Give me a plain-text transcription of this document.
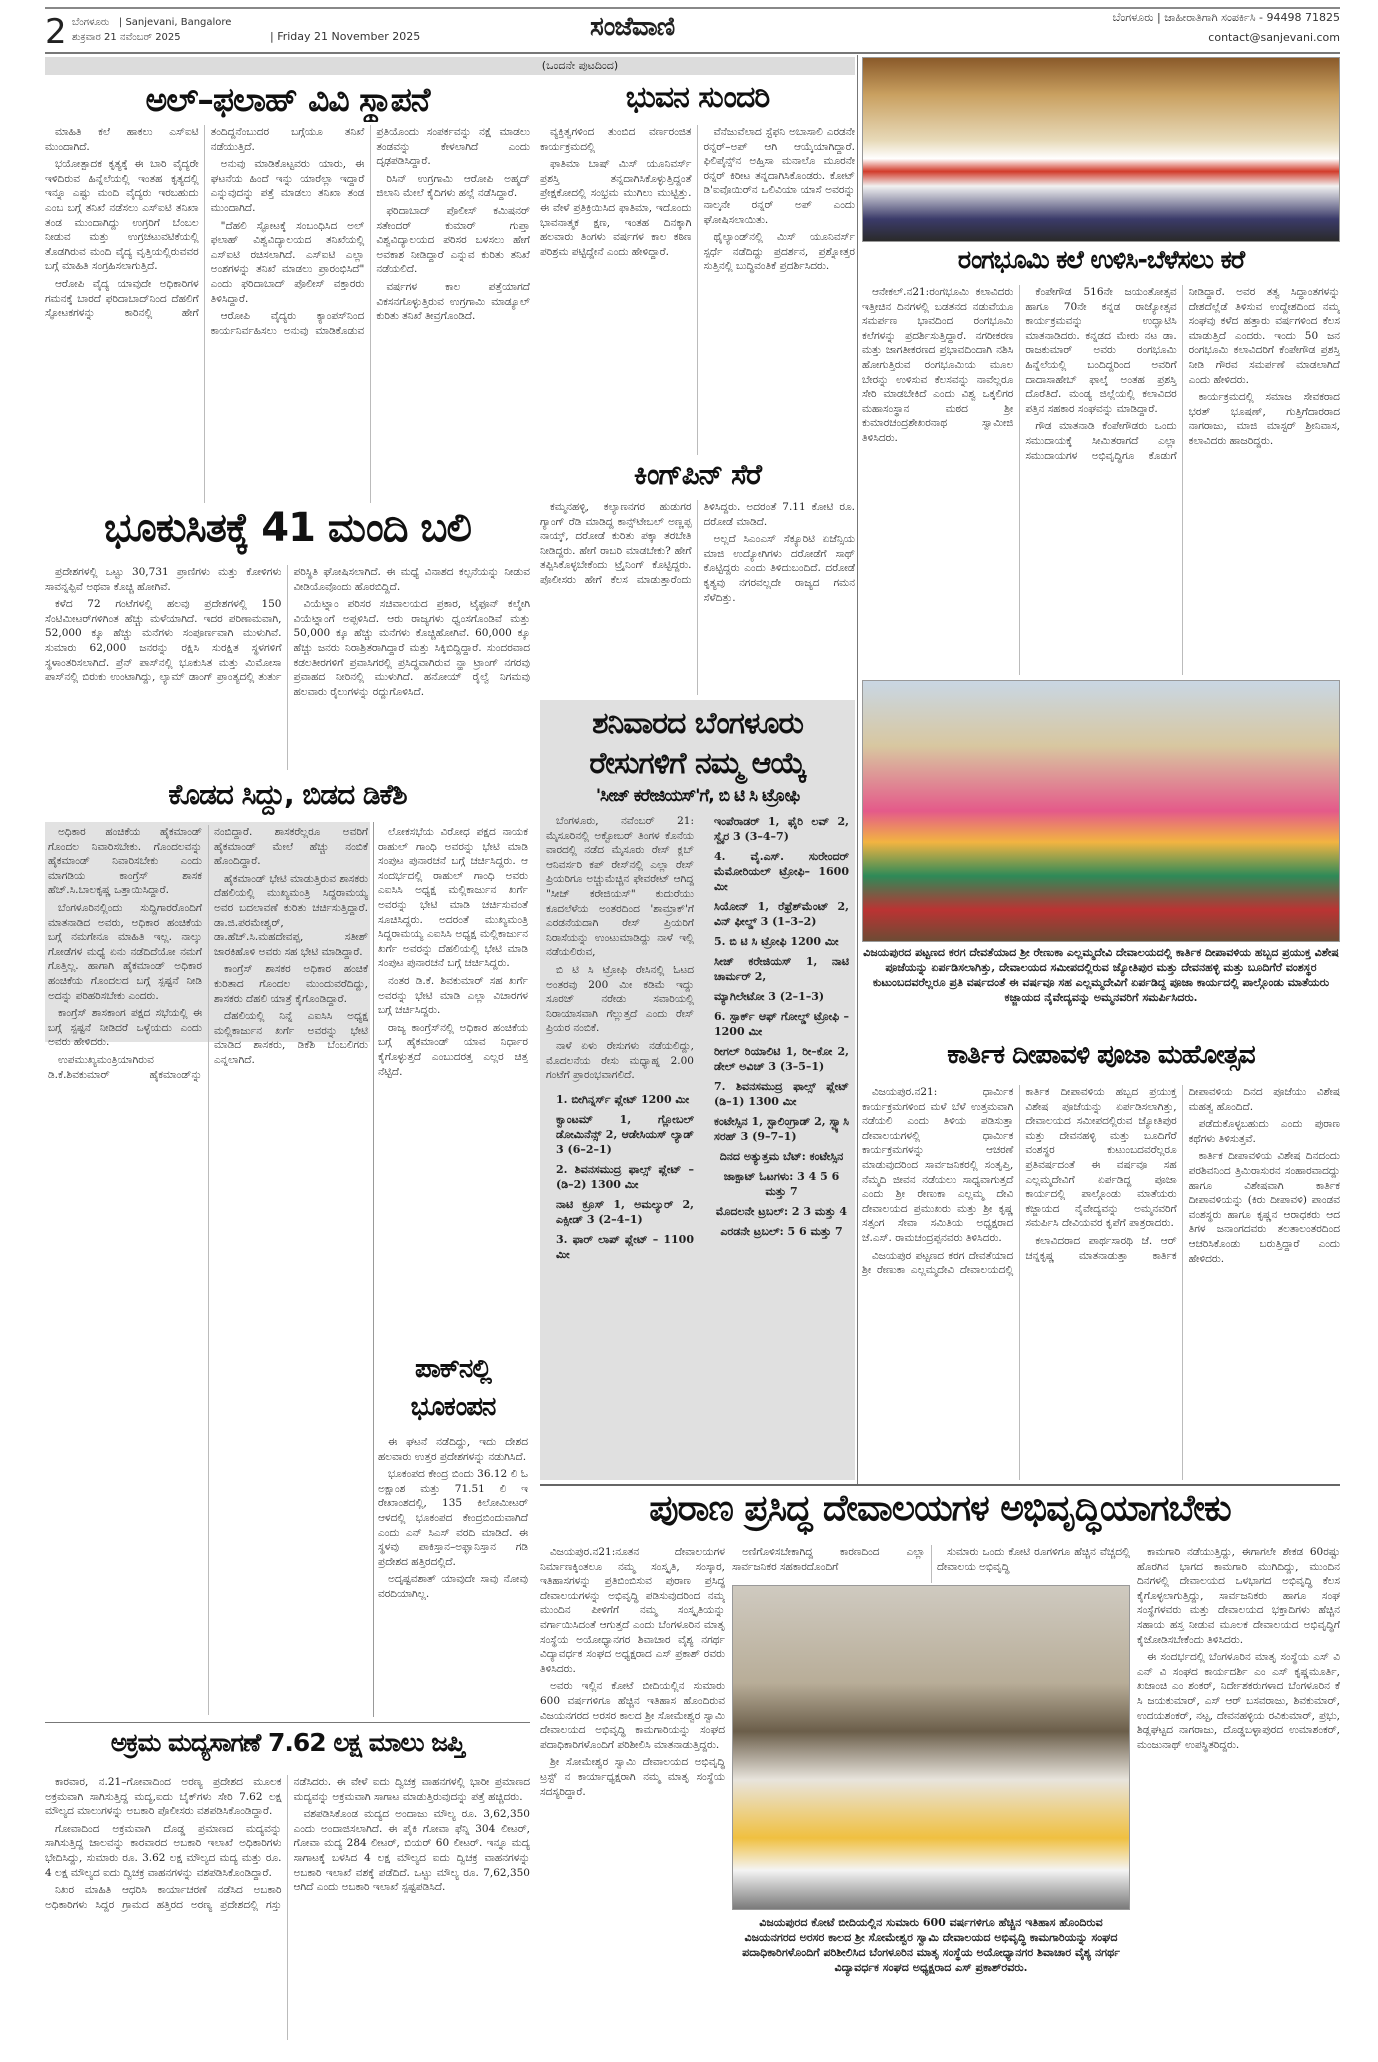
2 ಬೆಂಗಳೂರು | Sanjevani, Bangalore
ಶುಕ್ರವಾರ 21 ನವೆಂಬರ್ 2025	| Friday 21 November 2025	ಸಂಜೆವಾಣಿ	ಬೆಂಗಳೂರು | ಜಾಹೀರಾತಿಗಾಗಿ ಸಂಪರ್ಕಿಸಿ - 94498 71825
contact@sanjevani.com
(ಒಂದನೇ ಪುಟದಿಂದ)
ಅಲ್–ಫಲಾಹ್ ವಿವಿ ಸ್ಥಾಪನೆ

ಮಾಹಿತಿ ಕಲೆ ಹಾಕಲು ಎಸ್ಐಟಿ ಮುಂದಾಗಿದೆ.

ಭಯೋತ್ಪಾದಕ ಕೃತ್ಯಕ್ಕೆ ಈ ಬಾರಿ ವೈದ್ಯರೇ ಇಳಿದಿರುವ ಹಿನ್ನೆಲೆಯಲ್ಲಿ ಇಂತಹ ಕೃತ್ಯದಲ್ಲಿ ಇನ್ನೂ ಎಷ್ಟು ಮಂದಿ ವೈದ್ಯರು ಇರಬಹುದು ಎಂಬ ಬಗ್ಗೆ ತನಿಖೆ ನಡೆಸಲು ಎಸ್ಐಟಿ ತನಿಖಾ ತಂಡ ಮುಂದಾಗಿದ್ದು ಉಗ್ರರಿಗೆ ಬೆಂಬಲ ನೀಡುವ ಮತ್ತು ಉಗ್ರಚಟುವಟಿಕೆಯಲ್ಲಿ ತೊಡಗಿರುವ ಮಂದಿ ವೈದ್ಯ ವೃತ್ತಿಯಲ್ಲಿರುವವರ ಬಗ್ಗೆ ಮಾಹಿತಿ ಸಂಗ್ರಹಿಸಲಾಗುತ್ತಿದೆ.

ಆರೋಪಿ ವೈದ್ಯ ಯಾವುದೇ ಅಧಿಕಾರಿಗಳ ಗಮನಕ್ಕೆ ಬಾರದೆ ಫರಿದಾಬಾದ್‌ನಿಂದ ದೆಹಲಿಗೆ ಸ್ಫೋಟಕಗಳನ್ನು ಕಾರಿನಲ್ಲಿ ಹೇಗೆ ತಂದಿದ್ದನೆಂಬುದರ ಬಗ್ಗೆಯೂ ತನಿಖೆ ನಡೆಯುತ್ತಿದೆ.

ಅನುವು ಮಾಡಿಕೊಟ್ಟವರು ಯಾರು, ಈ ಘಟನೆಯ ಹಿಂದೆ ಇನ್ನು ಯಾರೆಲ್ಲಾ ಇದ್ದಾರೆ ಎನ್ನುವುದನ್ನು ಪತ್ತೆ ಮಾಡಲು ತನಿಖಾ ತಂಡ ಮುಂದಾಗಿದೆ.

"ದೆಹಲಿ ಸ್ಫೋಟಕ್ಕೆ ಸಂಬಂಧಿಸಿದ ಅಲ್ ಫಲಾಹ್ ವಿಶ್ವವಿದ್ಯಾಲಯದ ತನಿಖೆಯಲ್ಲಿ ಎಸ್ಐಟಿ ರಚಿಸಲಾಗಿದೆ. ಎಸ್ಐಟಿ ಎಲ್ಲಾ ಅಂಶಗಳನ್ನು ತನಿಖೆ ಮಾಡಲು ಪ್ರಾರಂಭಿಸಿದೆ" ಎಂದು ಫರಿದಾಬಾದ್ ಪೊಲೀಸ್ ವಕ್ತಾರರು ತಿಳಿಸಿದ್ದಾರೆ.

ಆರೋಪಿ ವೈದ್ಯರು ಕ್ಯಾಂಪಸ್‌ನಿಂದ ಕಾರ್ಯನಿರ್ವಹಿಸಲು ಅನುವು ಮಾಡಿಕೊಡುವ ಪ್ರತಿಯೊಂದು ಸಂಪರ್ಕವನ್ನು ನಕ್ಷೆ ಮಾಡಲು ತಂಡವನ್ನು ಕೇಳಲಾಗಿದೆ ಎಂದು ದೃಢಪಡಿಸಿದ್ದಾರೆ.

ರಿಸಿನ್ ಉಗ್ರಗಾಮಿ ಆರೋಪಿ ಅಹ್ಮದ್ ಜಿಲಾನಿ ಮೇಲೆ ಕೈದಿಗಳು ಹಲ್ಲೆ ನಡೆಸಿದ್ದಾರೆ.

ಫರಿದಾಬಾದ್ ಪೊಲೀಸ್ ಕಮಿಷನರ್ ಸತೇಂದರ್ ಕುಮಾರ್ ಗುಪ್ತಾ ವಿಶ್ವವಿದ್ಯಾಲಯದ ಪರಿಸರ ಬಳಸಲು ಹೇಗೆ ಅವಕಾಶ ನೀಡಿದ್ದಾರೆ ಎನ್ನುವ ಕುರಿತು ತನಿಖೆ ನಡೆಯಲಿದೆ.

ವರ್ಷಗಳ ಕಾಲ ಪತ್ತೆಯಾಗದೆ ವಿಕಸನಗೊಳ್ಳುತ್ತಿರುವ ಉಗ್ರಗಾಮಿ ಮಾಡ್ಯೂಲ್ ಕುರಿತು ತನಿಖೆ ತೀವ್ರಗೊಂಡಿದೆ.

ಭುವನ ಸುಂದರಿ

ವ್ಯಕ್ತಿತ್ವಗಳಿಂದ ತುಂಬಿದ ವರ್ಣರಂಜಿತ ಕಾರ್ಯಕ್ರಮದಲ್ಲಿ

ಫಾತಿಮಾ ಬಾಷ್ ಮಿಸ್ ಯೂನಿವರ್ಸ್ ಪ್ರಶಸ್ತಿ ತನ್ನದಾಗಿಸಿಕೊಳ್ಳುತ್ತಿದ್ದಂತೆ ಪ್ರೇಕ್ಷಕೋದಲ್ಲಿ ಸಂಭ್ರಮ ಮುಗಿಲು ಮುಟ್ಟಿತ್ತು. ಈ ವೇಳೆ ಪ್ರತಿಕ್ರಿಯಿಸಿದ ಫಾತಿಮಾ, ಇದೊಂದು ಭಾವನಾತ್ಮಕ ಕ್ಷಣ, ಇಂತಹ ದಿನಕ್ಕಾಗಿ ಹಲವಾರು ತಿಂಗಳು ವರ್ಷಗಳ ಕಾಲ ಕಠಿಣ ಪರಿಶ್ರಮ ಪಟ್ಟಿದ್ದೇನೆ ಎಂದು ಹೇಳಿದ್ದಾರೆ.

ವೆನೆಜುವೆಲಾದ ಸ್ಟೆಫನಿ ಅಬಾಸಾಲಿ ಎರಡನೇ ರನ್ನರ್–ಅಪ್ ಆಗಿ ಆಯ್ಕೆಯಾಗಿದ್ದಾರೆ. ಫಿಲಿಪೈನ್ಸ್‌ನ ಅಹ್ತಿಸಾ ಮನಾಲೊ ಮೂರನೇ ರನ್ನರ್ ಕಿರೀಟ ತನ್ನದಾಗಿಸಿಕೊಂಡರು. ಕೋಟ್ ಡಿ'ಐವೊಯಿರ್‌ನ ಒಲಿವಿಯಾ ಯಾಸೆ ಅವರನ್ನು ನಾಲ್ಕನೇ ರನ್ನರ್ ಅಪ್ ಎಂದು ಘೋಷಿಸಲಾಯಿತು.

ಥೈಲ್ಯಾಂಡ್‌ನಲ್ಲಿ ಮಿಸ್ ಯೂನಿವರ್ಸ್ ಸ್ಪರ್ಧೆ ನಡೆದಿದ್ದು ಪ್ರದರ್ಶನ, ಪ್ರಶ್ನೋತ್ತರ ಸುತ್ತಿನಲ್ಲಿ ಬುದ್ಧಿವಂತಿಕೆ ಪ್ರದರ್ಶಿಸಿದರು.

ಕಿಂಗ್‌ಪಿನ್ ಸೆರೆ

ಕಮ್ಮನಹಳ್ಳಿ, ಕಲ್ಯಾಣನಗರ ಹುಡುಗರ ಗ್ಯಾಂಗ್ ರೆಡಿ ಮಾಡಿದ್ದ ಕಾನ್ಸ್‌ಟೇಬಲ್ ಅಣ್ಣಪ್ಪ ನಾಯ್ಕ್, ದರೋಡೆ ಕುರಿತು ಪಕ್ಕಾ ತರಬೇತಿ ನೀಡಿದ್ದರು. ಹೇಗೆ ರಾಬರಿ ಮಾಡಬೇಕು? ಹೇಗೆ ತಪ್ಪಿಸಿಕೊಳ್ಳಬೇಕೆಂದು ಟ್ರೈನಿಂಗ್ ಕೊಟ್ಟಿದ್ದರು. ಪೊಲೀಸರು ಹೇಗೆ ಕೆಲಸ ಮಾಡುತ್ತಾರೆಂದು ತಿಳಿಸಿದ್ದರು. ಅದರಂತೆ 7.11 ಕೋಟಿ ರೂ. ದರೋಡೆ ಮಾಡಿದೆ.

ಅಲ್ಲದೆ ಸಿಎಂಎಸ್ ಸೆಕ್ಯೂರಿಟಿ ಏಜೆನ್ಸಿಯ ಮಾಜಿ ಉದ್ಯೋಗಿಗಳು ದರೋಡೆಗೆ ಸಾಥ್ ಕೊಟ್ಟಿದ್ದರು ಎಂದು ತಿಳಿದುಬಂದಿದೆ. ದರೋಡೆ ಕೃತ್ಯವು ನಗರವಲ್ಲದೇ ರಾಜ್ಯದ ಗಮನ ಸೆಳೆದಿತ್ತು.

ಭೂಕುಸಿತಕ್ಕೆ 41 ಮಂದಿ ಬಲಿ

ಪ್ರದೇಶಗಳಲ್ಲಿ ಒಟ್ಟು 30,731 ಪ್ರಾಣಿಗಳು ಮತ್ತು ಕೋಳಿಗಳು ಸಾವನ್ನಪ್ಪಿವೆ ಅಥವಾ ಕೊಚ್ಚಿ ಹೋಗಿವೆ.

ಕಳೆದ 72 ಗಂಟೆಗಳಲ್ಲಿ ಹಲವು ಪ್ರದೇಶಗಳಲ್ಲಿ 150 ಸೆಂಟಿಮೀಟರ್‌ಗಳಿಗಿಂತ ಹೆಚ್ಚು ಮಳೆಯಾಗಿದೆ. ಇದರ ಪರಿಣಾಮವಾಗಿ, 52,000 ಕ್ಕೂ ಹೆಚ್ಚು ಮನೆಗಳು ಸಂಪೂರ್ಣವಾಗಿ ಮುಳುಗಿವೆ. ಸುಮಾರು 62,000 ಜನರನ್ನು ರಕ್ಷಿಸಿ ಸುರಕ್ಷಿತ ಸ್ಥಳಗಳಿಗೆ ಸ್ಥಳಾಂತರಿಸಲಾಗಿದೆ. ಪ್ರೆನ್ ಪಾಸ್‌ನಲ್ಲಿ ಭೂಕುಸಿತ ಮತ್ತು ಮಿಮೋಸಾ ಪಾಸ್‌ನಲ್ಲಿ ಬಿರುಕು ಉಂಟಾಗಿದ್ದು, ಲ್ಯಾಮ್ ಡಾಂಗ್ ಪ್ರಾಂತ್ಯದಲ್ಲಿ ತುರ್ತು ಪರಿಸ್ಥಿತಿ ಘೋಷಿಸಲಾಗಿದೆ. ಈ ಮಧ್ಯೆ ವಿನಾಶದ ಕಲ್ಪನೆಯನ್ನು ನೀಡುವ ವೀಡಿಯೊವೊಂದು ಹೊರಬಿದ್ದಿದೆ.

ವಿಯೆಟ್ನಾಂ ಪರಿಸರ ಸಚಿವಾಲಯದ ಪ್ರಕಾರ, ಟೈಫೂನ್ ಕಲ್ಮೇಗಿ ವಿಯೆಟ್ನಾಂಗೆ ಅಪ್ಪಳಿಸಿದೆ. ಆರು ರಾಜ್ಯಗಳು ಧ್ವಂಸಗೊಂಡಿವೆ ಮತ್ತು 50,000 ಕ್ಕೂ ಹೆಚ್ಚು ಮನೆಗಳು ಕೊಚ್ಚಿಹೋಗಿವೆ. 60,000 ಕ್ಕೂ ಹೆಚ್ಚು ಜನರು ನಿರಾಶ್ರಿತರಾಗಿದ್ದಾರೆ ಮತ್ತು ಸಿಕ್ಕಿಬಿದ್ದಿದ್ದಾರೆ. ಸುಂದರವಾದ ಕಡಲತೀರಗಳಿಗೆ ಪ್ರವಾಸಿಗರಲ್ಲಿ ಪ್ರಸಿದ್ಧವಾಗಿರುವ ನ್ಹಾ ಟ್ರಾಂಗ್ ನಗರವು ಪ್ರವಾಹದ ನೀರಿನಲ್ಲಿ ಮುಳುಗಿದೆ. ಹನೋಯ್ ರೈಲ್ವೆ ನಿಗಮವು ಹಲವಾರು ರೈಲುಗಳನ್ನು ರದ್ದುಗೊಳಿಸಿದೆ.

ಕೊಡದ ಸಿದ್ದು, ಬಿಡದ ಡಿಕೆಶಿ

ಅಧಿಕಾರ ಹಂಚಿಕೆಯ ಹೈಕಮಾಂಡ್ ಗೊಂದಲ ನಿವಾರಿಸಬೇಕು. ಗೊಂದಲವನ್ನು ಹೈಕಮಾಂಡ್ ನಿವಾರಿಸಬೇಕು ಎಂದು ಮಾಗಡಿಯ ಕಾಂಗ್ರೆಸ್ ಶಾಸಕ ಹೆಚ್.ಸಿ.ಬಾಲಕೃಷ್ಣ ಒತ್ತಾಯಿಸಿದ್ದಾರೆ.

ಬೆಂಗಳೂರಿನಲ್ಲಿಂದು ಸುದ್ದಿಗಾರರೊಂದಿಗೆ ಮಾತನಾಡಿದ ಅವರು, ಅಧಿಕಾರ ಹಂಚಿಕೆಯ ಬಗ್ಗೆ ನಮಗೇನೂ ಮಾಹಿತಿ ಇಲ್ಲ. ನಾಲ್ಕು ಗೋಡೆಗಳ ಮಧ್ಯೆ ಏನು ನಡೆದಿದೆಯೋ ನಮಗೆ ಗೊತ್ತಿಲ್ಲ. ಹಾಗಾಗಿ ಹೈಕಮಾಂಡ್ ಅಧಿಕಾರ ಹಂಚಿಕೆಯ ಗೊಂದಲದ ಬಗ್ಗೆ ಸ್ಪಷ್ಟನೆ ನೀಡಿ ಅದನ್ನು ಪರಿಹರಿಸಬೇಕು ಎಂದರು.

ಕಾಂಗ್ರೆಸ್ ಶಾಸಕಾಂಗ ಪಕ್ಷದ ಸಭೆಯಲ್ಲಿ ಈ ಬಗ್ಗೆ ಸ್ಪಷ್ಟನೆ ನೀಡಿದರೆ ಒಳ್ಳೆಯದು ಎಂದು ಅವರು ಹೇಳಿದರು.

ಉಪಮುಖ್ಯಮಂತ್ರಿಯಾಗಿರುವ ಡಿ.ಕೆ.ಶಿವಕುಮಾರ್ ಹೈಕಮಾಂಡ್‌ನ್ನು ನಂಬಿದ್ದಾರೆ. ಶಾಸಕರೆಲ್ಲರೂ ಅವರಿಗೆ ಹೈಕಮಾಂಡ್ ಮೇಲೆ ಹೆಚ್ಚು ನಂಬಿಕೆ ಹೊಂದಿದ್ದಾರೆ.

ಹೈಕಮಾಂಡ್ ಭೇಟಿ ಮಾಡುತ್ತಿರುವ ಶಾಸಕರು ದೆಹಲಿಯಲ್ಲಿ ಮುಖ್ಯಮಂತ್ರಿ ಸಿದ್ದರಾಮಯ್ಯ ಅವರ ಬದಲಾವಣೆ ಕುರಿತು ಚರ್ಚಿಸುತ್ತಿದ್ದಾರೆ. ಡಾ.ಜಿ.ಪರಮೇಶ್ವರ್, ಡಾ.ಹೆಚ್.ಸಿ.ಮಹದೇವಪ್ಪ, ಸತೀಶ್ ಜಾರಕಿಹೊಳಿ ಅವರು ಸಹ ಭೇಟಿ ಮಾಡಿದ್ದಾರೆ.

ಕಾಂಗ್ರೆಸ್ ಶಾಸಕರ ಅಧಿಕಾರ ಹಂಚಿಕೆ ಕುರಿತಾದ ಗೊಂದಲ ಮುಂದುವರೆದಿದ್ದು, ಶಾಸಕರು ದೆಹಲಿ ಯಾತ್ರೆ ಕೈಗೊಂಡಿದ್ದಾರೆ.

ದೆಹಲಿಯಲ್ಲಿ ನಿನ್ನೆ ಎಐಸಿಸಿ ಅಧ್ಯಕ್ಷ ಮಲ್ಲಿಕಾರ್ಜುನ ಖರ್ಗೆ ಅವರನ್ನು ಭೇಟಿ ಮಾಡಿದ ಶಾಸಕರು, ಡಿಕೆಶಿ ಬೆಂಬಲಿಗರು ಎನ್ನಲಾಗಿದೆ.

ಲೋಕಸಭೆಯ ವಿರೋಧ ಪಕ್ಷದ ನಾಯಕ ರಾಹುಲ್ ಗಾಂಧಿ ಅವರನ್ನು ಭೇಟಿ ಮಾಡಿ ಸಂಪುಟ ಪುನಾರಚನೆ ಬಗ್ಗೆ ಚರ್ಚಿಸಿದ್ದರು. ಆ ಸಂದರ್ಭದಲ್ಲಿ ರಾಹುಲ್ ಗಾಂಧಿ ಅವರು ಎಐಸಿಸಿ ಅಧ್ಯಕ್ಷ ಮಲ್ಲಿಕಾರ್ಜುನ ಖರ್ಗೆ ಅವರನ್ನು ಭೇಟಿ ಮಾಡಿ ಚರ್ಚಿಸುವಂತೆ ಸೂಚಿಸಿದ್ದರು. ಅದರಂತೆ ಮುಖ್ಯಮಂತ್ರಿ ಸಿದ್ದರಾಮಯ್ಯ ಎಐಸಿಸಿ ಅಧ್ಯಕ್ಷ ಮಲ್ಲಿಕಾರ್ಜುನ ಖರ್ಗೆ ಅವರನ್ನು ದೆಹಲಿಯಲ್ಲಿ ಭೇಟಿ ಮಾಡಿ ಸಂಪುಟ ಪುನಾರಚನೆ ಬಗ್ಗೆ ಚರ್ಚಿಸಿದ್ದರು.

ನಂತರ ಡಿ.ಕೆ. ಶಿವಕುಮಾರ್ ಸಹ ಖರ್ಗೆ ಅವರನ್ನು ಭೇಟಿ ಮಾಡಿ ಎಲ್ಲಾ ವಿಚಾರಗಳ ಬಗ್ಗೆ ಚರ್ಚಿಸಿದ್ದರು.

ರಾಜ್ಯ ಕಾಂಗ್ರೆಸ್‌ನಲ್ಲಿ ಅಧಿಕಾರ ಹಂಚಿಕೆಯ ಬಗ್ಗೆ ಹೈಕಮಾಂಡ್ ಯಾವ ನಿರ್ಧಾರ ಕೈಗೊಳ್ಳುತ್ತದೆ ಎಂಬುದರತ್ತ ಎಲ್ಲರ ಚಿತ್ತ ನೆಟ್ಟಿದೆ.

ಪಾಕ್‌ನಲ್ಲಿ
ಭೂಕಂಪನ

ಈ ಘಟನೆ ನಡೆದಿದ್ದು, ಇದು ದೇಶದ ಹಲವಾರು ಉತ್ತರ ಪ್ರದೇಶಗಳನ್ನು ನಡುಗಿಸಿದೆ.

ಭೂಕಂಪದ ಕೇಂದ್ರ ಬಿಂದು 36.12 ಲಿ ಓ ಅಕ್ಷಾಂಶ ಮತ್ತು 71.51 ಲಿ ಇ ರೇಖಾಂಶದಲ್ಲಿ, 135 ಕಿಲೋಮೀಟರ್ ಆಳದಲ್ಲಿ ಭೂಕಂಪದ ಕೇಂದ್ರಬಿಂದುವಾಗಿದೆ ಎಂದು ಎನ್ ಸಿಎಸ್ ವರದಿ ಮಾಡಿದೆ. ಈ ಸ್ಥಳವು ಪಾಕಿಸ್ತಾನ–ಅಫ್ಘಾನಿಸ್ತಾನ ಗಡಿ ಪ್ರದೇಶದ ಹತ್ತಿರದಲ್ಲಿದೆ.

ಅದೃಷ್ಟವಶಾತ್ ಯಾವುದೇ ಸಾವು ನೋವು ವರದಿಯಾಗಿಲ್ಲ.

ಅಕ್ರಮ ಮದ್ಯಸಾಗಣೆ 7.62 ಲಕ್ಷ ಮಾಲು ಜಪ್ತಿ

ಕಾರವಾರ, ನ.21–ಗೋವಾದಿಂದ ಅರಣ್ಯ ಪ್ರದೇಶದ ಮೂಲಕ ಅಕ್ರಮವಾಗಿ ಸಾಗಿಸುತ್ತಿದ್ದ ಮದ್ಯ,ಐದು ಬೈಕ್‌ಗಳು ಸೇರಿ 7.62 ಲಕ್ಷ ಮೌಲ್ಯದ ಮಾಲುಗಳನ್ನು ಅಬಕಾರಿ ಪೊಲೀಸರು ವಶಪಡಿಸಿಕೊಂಡಿದ್ದಾರೆ.

ಗೋವಾದಿಂದ ಅಕ್ರಮವಾಗಿ ದೊಡ್ಡ ಪ್ರಮಾಣದ ಮದ್ಯವನ್ನು ಸಾಗಿಸುತ್ತಿದ್ದ ಜಾಲವನ್ನು ಕಾರವಾರದ ಅಬಕಾರಿ ಇಲಾಖೆ ಅಧಿಕಾರಿಗಳು ಭೇದಿಸಿದ್ದು, ಸುಮಾರು ರೂ. 3.62 ಲಕ್ಷ ಮೌಲ್ಯದ ಮದ್ಯ ಮತ್ತು ರೂ. 4 ಲಕ್ಷ ಮೌಲ್ಯದ ಐದು ದ್ವಿಚಕ್ರ ವಾಹನಗಳನ್ನು ವಶಪಡಿಸಿಕೊಂಡಿದ್ದಾರೆ.

ನಿಖರ ಮಾಹಿತಿ ಆಧರಿಸಿ ಕಾರ್ಯಾಚರಣೆ ನಡೆಸಿದ ಅಬಕಾರಿ ಅಧಿಕಾರಿಗಳು ಸಿದ್ದರ ಗ್ರಾಮದ ಹತ್ತಿರದ ಅರಣ್ಯ ಪ್ರದೇಶದಲ್ಲಿ ಗಸ್ತು ನಡೆಸಿದರು. ಈ ವೇಳೆ ಐದು ದ್ವಿಚಕ್ರ ವಾಹನಗಳಲ್ಲಿ ಭಾರೀ ಪ್ರಮಾಣದ ಮದ್ಯವನ್ನು ಅಕ್ರಮವಾಗಿ ಸಾಗಾಟ ಮಾಡುತ್ತಿರುವುದನ್ನು ಪತ್ತೆ ಹಚ್ಚಿದರು.

ವಶಪಡಿಸಿಕೊಂಡ ಮದ್ಯದ ಅಂದಾಜು ಮೌಲ್ಯ ರೂ. 3,62,350 ಎಂದು ಅಂದಾಜಿಸಲಾಗಿದೆ. ಈ ಪೈಕಿ ಗೋವಾ ಫೆನ್ನಿ 304 ಲೀಟರ್, ಗೋವಾ ಮದ್ಯ 284 ಲೀಟರ್, ಬಿಯರ್ 60 ಲೀಟರ್. ಇನ್ನೂ ಮದ್ಯ ಸಾಗಾಟಕ್ಕೆ ಬಳಸಿದ 4 ಲಕ್ಷ ಮೌಲ್ಯದ ಐದು ದ್ವಿಚಕ್ರ ವಾಹನಗಳನ್ನು ಅಬಕಾರಿ ಇಲಾಖೆ ವಶಕ್ಕೆ ಪಡೆದಿದೆ. ಒಟ್ಟು ಮೌಲ್ಯ ರೂ. 7,62,350 ಆಗಿದೆ ಎಂದು ಅಬಕಾರಿ ಇಲಾಖೆ ಸ್ಪಷ್ಟಪಡಿಸಿದೆ.

ಶನಿವಾರದ ಬೆಂಗಳೂರು
ರೇಸುಗಳಿಗೆ ನಮ್ಮ ಆಯ್ಕೆ
'ಸೀಜ್ ಕರೇಜಿಯಸ್'ಗೆ, ಬಿ ಟಿ ಸಿ ಟ್ರೋಫಿ

ಬೆಂಗಳೂರು, ನವೆಂಬರ್ 21: ಮೈಸೂರಿನಲ್ಲಿ ಅಕ್ಟೋಬರ್ ತಿಂಗಳ ಕೊನೆಯ ವಾರದಲ್ಲಿ ನಡೆದ ಮೈಸೂರು ರೇಸ್ ಕ್ಲಬ್ ಆನಿವರ್ಸರಿ ಕಪ್ ರೇಸ್‌ನಲ್ಲಿ ಎಲ್ಲಾ ರೇಸ್ ಪ್ರಿಯರಿಗೂ ಅಚ್ಚುಮೆಚ್ಚಿನ ಫೇವರೇಟ್ ಆಗಿದ್ದ "ಸೀಜ್ ಕರೇಜಿಯಸ್" ಕುದುರೆಯು ಕೂದಲೆಳೆಯ ಅಂತರದಿಂದ 'ಶಾಮ್ರಾಕ್'ಗೆ ಎರಡನೆಯದಾಗಿ ರೇಸ್ ಪ್ರಿಯರಿಗೆ ನಿರಾಸೆಯನ್ನು ಉಂಟುಮಾಡಿದ್ದು ನಾಳೆ ಇಲ್ಲಿ ನಡೆಯಲಿರುವ,

ಬಿ ಟಿ ಸಿ ಟ್ರೋಫಿ ರೇಸಿನಲ್ಲಿ ಓಟದ ಅಂತರವು 200 ಮೀ ಕಡಿಮೆ ಇದ್ದು ಸೂರಜ್ ನರೇಡು ಸವಾರಿಯಲ್ಲಿ ನಿರಾಯಾಸವಾಗಿ ಗೆಲ್ಲುತ್ತದೆ ಎಂದು ರೇಸ್ ಪ್ರಿಯರ ನಂಬಿಕೆ.

ನಾಳೆ ಏಳು ರೇಸುಗಳು ನಡೆಯಲಿದ್ದು, ಮೊದಲನೆಯ ರೇಸು ಮಧ್ಯಾಹ್ನ 2.00 ಗಂಟೆಗೆ ಪ್ರಾರಂಭವಾಗಲಿದೆ.

1. ಬೀಗಿನ್ನರ್ಸ್ ಪ್ಲೇಟ್ 1200 ಮೀ

ಕ್ವಾಂಟಮ್ 1, ಗ್ಲೋಬಲ್ ಡೋಮಿನೆನ್ಸ್ 2, ಆಡೇಸಿಯಸ್ ಲ್ಯಾಡ್ 3 (6–2–1)

2. ಶಿವನಸಮುದ್ರ ಫಾಲ್ಸ್ ಪ್ಲೇಟ್ –(ಡಿ–2) 1300 ಮೀ

ನಾಟಿ ಕ್ರೂಸ್ 1, ಅಮಲ್ಯುರ್ 2, ಎಕ್ಸೀಡ್ 3 (2–4–1)

3. ಫಾರ್ ಲಾಪ್ ಪ್ಲೇಟ್ – 1100 ಮೀ

ಇಂಪೆರಾಡರ್ 1, ಫೈರಿ ಲವ್ 2, ಸ್ವೈರ 3 (3–4–7)

4. ವೈ.ಎಸ್. ಸುರೇಂದರ್ ಮೆಮೋರಿಯಲ್ ಟ್ರೋಫಿ– 1600 ಮೀ

ಸಿಯೋನ್ 1, ರೆಫ್ರೆಶ್‌ಮೆಂಟ್ 2, ವಿನ್ ಫೀಲ್ಡ್ 3 (1–3–2)

5. ಬಿ ಟಿ ಸಿ ಟ್ರೋಫಿ 1200 ಮೀ

ಸೀಜ್ ಕರೇಜಿಯಸ್ 1, ನಾಟಿ ಚಾರ್ಮರ್ 2,

ಮ್ಯಾಗಿಲೇಟೋ 3 (2–1–3)

6. ಸ್ಪಾರ್ಕ್ ಆಫ್ ಗೋಲ್ಡ್ ಟ್ರೋಫಿ – 1200 ಮೀ

ರೀಗಲ್ ರಿಯಾಲಿಟಿ 1, ರೀ–ಕೋ 2, ಡೇಲ್ ಅವಿಚ್ 3 (3–5–1)

7. ಶಿವನಸಮುದ್ರ ಫಾಲ್ಸ್ ಪ್ಲೇಟ್ (ಡಿ–1) 1300 ಮೀ

ಕಂಟೇಸ್ಸಿನ 1, ಸ್ಟಾಲಿಂಗ್ರಾಡ್ 2, ಸ್ವ್ಯಾಸಿ ಸರಹ್ 3 (9–7–1)

ದಿನದ ಅತ್ಯುತ್ತಮ ಬೆಟ್: ಕಂಟೇಸ್ಸಿನ

ಜಾಕ್ಪಾಟ್ ಓಟಗಳು: 3 4 5 6 ಮತ್ತು 7

ಮೊದಲನೇ ಟ್ರಬಲ್: 2 3 ಮತ್ತು 4

ಎರಡನೇ ಟ್ರಬಲ್: 5 6 ಮತ್ತು 7

ರಂಗಭೂಮಿ ಕಲೆ ಉಳಿಸಿ-ಬೆಳೆಸಲು ಕರೆ

ಆನೇಕಲ್.ನ21:ರಂಗಭೂಮಿ ಕಲಾವಿದರು ಇತ್ತೀಚಿನ ದಿನಗಳಲ್ಲಿ ಬಡತನದ ನಡುವೆಯೂ ಸಮರ್ಪಣ ಭಾವದಿಂದ ರಂಗಭೂಮಿ ಕಲೆಗಳನ್ನು ಪ್ರದರ್ಶಿಸುತ್ತಿದ್ದಾರೆ. ನಗರೀಕರಣ ಮತ್ತು ಜಾಗತೀಕರಣದ ಪ್ರಭಾವದಿಂದಾಗಿ ನಶಿಸಿ ಹೋಗುತ್ತಿರುವ ರಂಗಭೂಮಿಯ ಮೂಲ ಬೇರನ್ನು ಉಳಿಸುವ ಕೆಲಸವನ್ನು ನಾವೆಲ್ಲರೂ ಸೇರಿ ಮಾಡಬೇಕಿದೆ ಎಂದು ವಿಶ್ವ ಒಕ್ಕಲಿಗರ ಮಹಾಸಂಸ್ಥಾನ ಮಠದ ಶ್ರೀ ಕುಮಾರಚಂದ್ರಶೇಖರನಾಥ ಸ್ವಾಮೀಜಿ ತಿಳಿಸಿದರು.

ಕೆಂಪೇಗೌಡ 516ನೇ ಜಯಂತೋತ್ಸವ ಹಾಗೂ 70ನೇ ಕನ್ನಡ ರಾಜ್ಯೋತ್ಸವ ಕಾರ್ಯಕ್ರಮವನ್ನು ಉದ್ಘಾಟಿಸಿ ಮಾತನಾಡಿದರು. ಕನ್ನಡದ ಮೇರು ನಟ ಡಾ. ರಾಜಕುಮಾರ್ ಅವರು ರಂಗಭೂಮಿ ಹಿನ್ನೆಲೆಯಲ್ಲಿ ಬಂದಿದ್ದರಿಂದ ಅವರಿಗೆ ದಾದಾಸಾಹೇಬ್ ಫಾಲ್ಕೆ ಅಂತಹ ಪ್ರಶಸ್ತಿ ದೊರೆತಿದೆ. ಮಂಡ್ಯ ಜಿಲ್ಲೆಯಲ್ಲಿ ಕಲಾವಿದರ ಪತ್ತಿನ ಸಹಕಾರ ಸಂಘವನ್ನು ಮಾಡಿದ್ದಾರೆ.

ಗೌಡ ಮಾತನಾಡಿ ಕೆಂಪೇಗೌಡರು ಒಂದು ಸಮುದಾಯಕ್ಕೆ ಸೀಮಿತರಾಗದೆ ಎಲ್ಲಾ ಸಮುದಾಯಗಳ ಅಭಿವೃದ್ಧಿಗೂ ಕೊಡುಗೆ ನೀಡಿದ್ದಾರೆ. ಅವರ ತತ್ವ ಸಿದ್ಧಾಂತಗಳನ್ನು ದೇಶದೆಲ್ಲೆಡೆ ತಿಳಿಸುವ ಉದ್ದೇಶದಿಂದ ನಮ್ಮ ಸಂಘವು ಕಳೆದ ಹತ್ತಾರು ವರ್ಷಗಳಿಂದ ಕೆಲಸ ಮಾಡುತ್ತಿದೆ ಎಂದರು. ಇಂದು 50 ಜನ ರಂಗಭೂಮಿ ಕಲಾವಿದರಿಗೆ ಕೆಂಪೇಗೌಡ ಪ್ರಶಸ್ತಿ ನೀಡಿ ಗೌರವ ಸಮರ್ಪಣೆ ಮಾಡಲಾಗಿದೆ ಎಂದು ಹೇಳಿದರು.

ಕಾರ್ಯಕ್ರಮದಲ್ಲಿ ಸಮಾಜ ಸೇವಕರಾದ ಭರತ್ ಭೂಷಣ್, ಗುತ್ತಿಗೆದಾರರಾದ ನಾಗರಾಜು, ಮಾಜಿ ಮಾಸ್ಟರ್ ಶ್ರೀನಿವಾಸ, ಕಲಾವಿದರು ಹಾಜರಿದ್ದರು.

ವಿಜಯಪುರದ ಪಟ್ಟಣದ ಕರಗ ದೇವತೆಯಾದ ಶ್ರೀ ರೇಣುಕಾ ಎಲ್ಲಮ್ಮದೇವಿ ದೇವಾಲಯದಲ್ಲಿ ಕಾರ್ತಿಕ ದೀಪಾವಳಿಯ ಹಬ್ಬದ ಪ್ರಯುಕ್ತ ವಿಶೇಷ ಪೂಜೆಯನ್ನು ಏರ್ಪಡಿಸಲಾಗಿತ್ತು, ದೇವಾಲಯದ ಸಮೀಪದಲ್ಲಿರುವ ಜ್ಯೋತಿಪುರ ಮತ್ತು ದೇವನಹಳ್ಳಿ ಮತ್ತು ಬೂದಿಗೆರೆ ವಂಶಸ್ಥರ ಕುಟುಂಬದವರೆಲ್ಲರೂ ಪ್ರತಿ ವರ್ಷದಂತೆ ಈ ವರ್ಷವೂ ಸಹ ಎಲ್ಲಮ್ಮದೇವಿಗೆ ಏರ್ಪಡಿದ್ದ ಪೂಜಾ ಕಾರ್ಯದಲ್ಲಿ ಪಾಲ್ಗೊಂಡು ಮಾತೆಯರು ಕಜ್ಜಾಯದ ನೈವೇದ್ಯವನ್ನು ಅಮ್ಮನವರಿಗೆ ಸಮರ್ಪಿಸಿದರು.
ಕಾರ್ತಿಕ ದೀಪಾವಳಿ ಪೂಜಾ ಮಹೋತ್ಸವ

ವಿಜಯಪುರ.ನ21: ಧಾರ್ಮಿಕ ಕಾರ್ಯಕ್ರಮಗಳಿಂದ ಮಳೆ ಬೆಳೆ ಉತ್ತಮವಾಗಿ ನಡೆಯಲಿ ಎಂದು ತಿಳಿಯ ಪಡಿಸುತ್ತಾ ದೇವಾಲಯಗಳಲ್ಲಿ ಧಾರ್ಮಿಕ ಕಾರ್ಯಕ್ರಮಗಳನ್ನು ಆಚರಣೆ ಮಾಡುವುದರಿಂದ ಸಾರ್ವಜನಿಕರಲ್ಲಿ ಸಂತೃಪ್ತಿ, ನೆಮ್ಮದಿ ಜೀವನ ನಡೆಯಲು ಸಾಧ್ಯವಾಗುತ್ತದೆ ಎಂದು ಶ್ರೀ ರೇಣುಕಾ ಎಲ್ಲಮ್ಮ ದೇವಿ ದೇವಾಲಯದ ಪ್ರಮುಖರು ಮತ್ತು ಶ್ರೀ ಕೃಷ್ಣ ಸತ್ಸಂಗ ಸೇವಾ ಸಮಿತಿಯ ಅಧ್ಯಕ್ಷರಾದ ಜೆ.ಎಸ್. ರಾಮಚಂದ್ರಪ್ಪನವರು ತಿಳಿಸಿದರು.

ವಿಜಯಪುರ ಪಟ್ಟಣದ ಕರಗ ದೇವತೆಯಾದ ಶ್ರೀ ರೇಣುಕಾ ಎಲ್ಲಮ್ಮದೇವಿ ದೇವಾಲಯದಲ್ಲಿ ಕಾರ್ತಿಕ ದೀಪಾವಳಿಯ ಹಬ್ಬದ ಪ್ರಯುಕ್ತ ವಿಶೇಷ ಪೂಜೆಯನ್ನು ಏರ್ಪಡಿಸಲಾಗಿತ್ತು, ದೇವಾಲಯದ ಸಮೀಪದಲ್ಲಿರುವ ಜ್ಯೋತಿಪುರ ಮತ್ತು ದೇವನಹಳ್ಳಿ ಮತ್ತು ಬೂದಿಗೆರೆ ವಂಶಸ್ಥರ ಕುಟುಂಬದವರೆಲ್ಲರೂ ಪ್ರತಿವರ್ಷದಂತೆ ಈ ವರ್ಷವೂ ಸಹ ಎಲ್ಲಮ್ಮದೇವಿಗೆ ಏರ್ಪಡಿದ್ದ ಪೂಜಾ ಕಾರ್ಯದಲ್ಲಿ ಪಾಲ್ಗೊಂಡು ಮಾತೆಯರು ಕಜ್ಜಾಯದ ನೈವೇದ್ಯವನ್ನು ಅಮ್ಮನವರಿಗೆ ಸಮರ್ಪಿಸಿ ದೇವಿಯವರ ಕೃಪೆಗೆ ಪಾತ್ರರಾದರು.

ಕಲಾವಿದರಾದ ಪಾರ್ಥಸಾರಥಿ ಜೆ. ಆರ್ ಚನ್ನಕೃಷ್ಣ ಮಾತನಾಡುತ್ತಾ ಕಾರ್ತಿಕ ದೀಪಾವಳಿಯ ದಿನದ ಪೂಜೆಯು ವಿಶೇಷ ಮಹತ್ವ ಹೊಂದಿದೆ.

ಪಡೆದುಕೊಳ್ಳಬಹುದು ಎಂದು ಪುರಾಣ ಕಥೆಗಳು ತಿಳಿಸುತ್ತವೆ.

ಕಾರ್ತಿಕ ದೀಪಾವಳಿಯ ವಿಶೇಷ ದಿನದಂದು ಪರಶಿವನಿಂದ ತ್ರಿಮಿರಾಸುರನ ಸಂಹಾರವಾದದ್ದು ಹಾಗೂ ವಿಶೇಷವಾಗಿ ಕಾರ್ತಿಕ ದೀಪಾವಳಿಯನ್ನು (ಕಿರು ದೀಪಾವಳಿ) ಪಾಂಡವ ವಂಶಸ್ಥರು ಹಾಗೂ ಕೃಷ್ಣನ ಆರಾಧಕರು ಆದ ತಿಗಳ ಜನಾಂಗದವರು ತಲತಾಲಂತರದಿಂದ ಆಚರಿಸಿಕೊಂಡು ಬರುತ್ತಿದ್ದಾರೆ ಎಂದು ಹೇಳಿದರು.

ಪುರಾಣ ಪ್ರಸಿದ್ಧ ದೇವಾಲಯಗಳ ಅಭಿವೃದ್ಧಿಯಾಗಬೇಕು

ವಿಜಯಪುರ.ನ21:ನೂತನ ದೇವಾಲಯಗಳ ನಿರ್ಮಾಣಕ್ಕಿಂತಲೂ ನಮ್ಮ ಸಂಸ್ಕೃತಿ, ಸಂಸ್ಕಾರ, ಇತಿಹಾಸಗಳನ್ನು ಪ್ರತಿಬಿಂಬಿಸುವ ಪುರಾಣ ಪ್ರಸಿದ್ಧ ದೇವಾಲಯಗಳನ್ನು ಅಭಿವೃದ್ಧಿ ಪಡಿಸುವುದರಿಂದ ನಮ್ಮ ಮುಂದಿನ ಪೀಳಿಗೆಗೆ ನಮ್ಮ ಸಂಸ್ಕೃತಿಯನ್ನು ವರ್ಗಾಯಿಸಿದಂತೆ ಆಗುತ್ತದೆ ಎಂದು ಬೆಂಗಳೂರಿನ ಮಾತೃ ಸಂಸ್ಥೆಯ ಅಯೋಧ್ಯಾನಗರ ಶಿವಾಚಾರ ವೈಶ್ಯ ನಗರ್ಥ ವಿದ್ಯಾವರ್ಧಕ ಸಂಘದ ಅಧ್ಯಕ್ಷರಾದ ಎಸ್ ಪ್ರಕಾಶ್ ರವರು ತಿಳಿಸಿದರು.

ಅವರು ಇಲ್ಲಿನ ಕೋಟೆ ಬೀದಿಯಲ್ಲಿನ ಸುಮಾರು 600 ವರ್ಷಗಳಿಗೂ ಹೆಚ್ಚಿನ ಇತಿಹಾಸ ಹೊಂದಿರುವ ವಿಜಯನಗರದ ಅರಸರ ಕಾಲದ ಶ್ರೀ ಸೋಮೇಶ್ವರ ಸ್ವಾಮಿ ದೇವಾಲಯದ ಅಭಿವೃದ್ಧಿ ಕಾಮಗಾರಿಯನ್ನು ಸಂಘದ ಪದಾಧಿಕಾರಿಗಳೊಂದಿಗೆ ಪರಿಶೀಲಿಸಿ ಮಾತನಾಡುತ್ತಿದ್ದರು.

ಶ್ರೀ ಸೋಮೇಶ್ವರ ಸ್ವಾಮಿ ದೇವಾಲಯದ ಅಭಿವೃದ್ಧಿ ಟ್ರಸ್ಟ್ ನ ಕಾರ್ಯಾಧ್ಯಕ್ಷರಾಗಿ ನಮ್ಮ ಮಾತೃ ಸಂಸ್ಥೆಯ ಸದಸ್ಯರಿದ್ದಾರೆ.

ಅಣಿಗೊಳಿಸಬೇಕಾಗಿದ್ದ ಕಾರಣದಿಂದ ಎಲ್ಲಾ ಸಾರ್ವಜನಿಕರ ಸಹಕಾರದೊಂದಿಗೆ

ಸುಮಾರು ಒಂದು ಕೋಟಿ ರೂಗಳಿಗೂ ಹೆಚ್ಚಿನ ವೆಚ್ಚದಲ್ಲಿ ದೇವಾಲಯ ಅಭಿವೃದ್ಧಿ

ವಿಜಯಪುರದ ಕೋಟೆ ಬೀದಿಯಲ್ಲಿನ ಸುಮಾರು 600 ವರ್ಷಗಳಿಗೂ ಹೆಚ್ಚಿನ ಇತಿಹಾಸ ಹೊಂದಿರುವ ವಿಜಯನಗರದ ಅರಸರ ಕಾಲದ ಶ್ರೀ ಸೋಮೇಶ್ವರ ಸ್ವಾಮಿ ದೇವಾಲಯದ ಅಭಿವೃದ್ಧಿ ಕಾಮಗಾರಿಯನ್ನು ಸಂಘದ ಪದಾಧಿಕಾರಿಗಳೊಂದಿಗೆ ಪರಿಶೀಲಿಸಿದ ಬೆಂಗಳೂರಿನ ಮಾತೃ ಸಂಸ್ಥೆಯ ಅಯೋಧ್ಯಾನಗರ ಶಿವಾಚಾರ ವೈಶ್ಯ ನಗರ್ಥ ವಿದ್ಯಾವರ್ಧಕ ಸಂಘದ ಅಧ್ಯಕ್ಷರಾದ ಎಸ್ ಪ್ರಕಾಶ್‌ರವರು.

ಕಾಮಗಾರಿ ನಡೆಯುತ್ತಿದ್ದು, ಈಗಾಗಲೇ ಶೇಕಡ 60ರಷ್ಟು ಹೊರಗಿನ ಭಾಗದ ಕಾಮಗಾರಿ ಮುಗಿದಿದ್ದು, ಮುಂದಿನ ದಿನಗಳಲ್ಲಿ ದೇವಾಲಯದ ಒಳಭಾಗದ ಅಭಿವೃದ್ಧಿ ಕೆಲಸ ಕೈಗೊಳ್ಳಲಾಗುತ್ತಿದ್ದು, ಸಾರ್ವಜನಿಕರು ಹಾಗೂ ಸಂಘ ಸಂಸ್ಥೆಗಳವರು ಮತ್ತು ದೇವಾಲಯದ ಭಕ್ತಾದಿಗಳು ಹೆಚ್ಚಿನ ಸಹಾಯ ಹಸ್ತ ನೀಡುವ ಮೂಲಕ ದೇವಾಲಯದ ಅಭಿವೃದ್ಧಿಗೆ ಕೈಜೋಡಿಸಬೇಕೆಂದು ತಿಳಿಸಿದರು.

ಈ ಸಂದರ್ಭದಲ್ಲಿ ಬೆಂಗಳೂರಿನ ಮಾತೃ ಸಂಸ್ಥೆಯ ಎಸ್ ವಿ ಎನ್ ವಿ ಸಂಘದ ಕಾರ್ಯದರ್ಶಿ ಎಂ ಎಸ್ ಕೃಷ್ಣಮೂರ್ತಿ, ಖಜಾಂಚಿ ಎಂ ಶಂಕರ್, ನಿರ್ದೇಶಕರುಗಳಾದ ಬೆಂಗಳೂರಿನ ಕೆ ಸಿ ಜಯಕುಮಾರ್, ಎಸ್ ಆರ್ ಬಸವರಾಜು, ಶಿವಕುಮಾರ್, ಉದಯಶಂಕರ್, ನಟ್ಟ, ದೇವನಹಳ್ಳಿಯ ರವಿಕುಮಾರ್, ಪ್ರಭು, ಶಿಡ್ಲಘಟ್ಟದ ನಾಗರಾಜು, ದೊಡ್ಡಬಳ್ಳಾಪುರದ ಉಮಾಶಂಕರ್, ಮಂಜುನಾಥ್ ಉಪಸ್ಥಿತರಿದ್ದರು.
